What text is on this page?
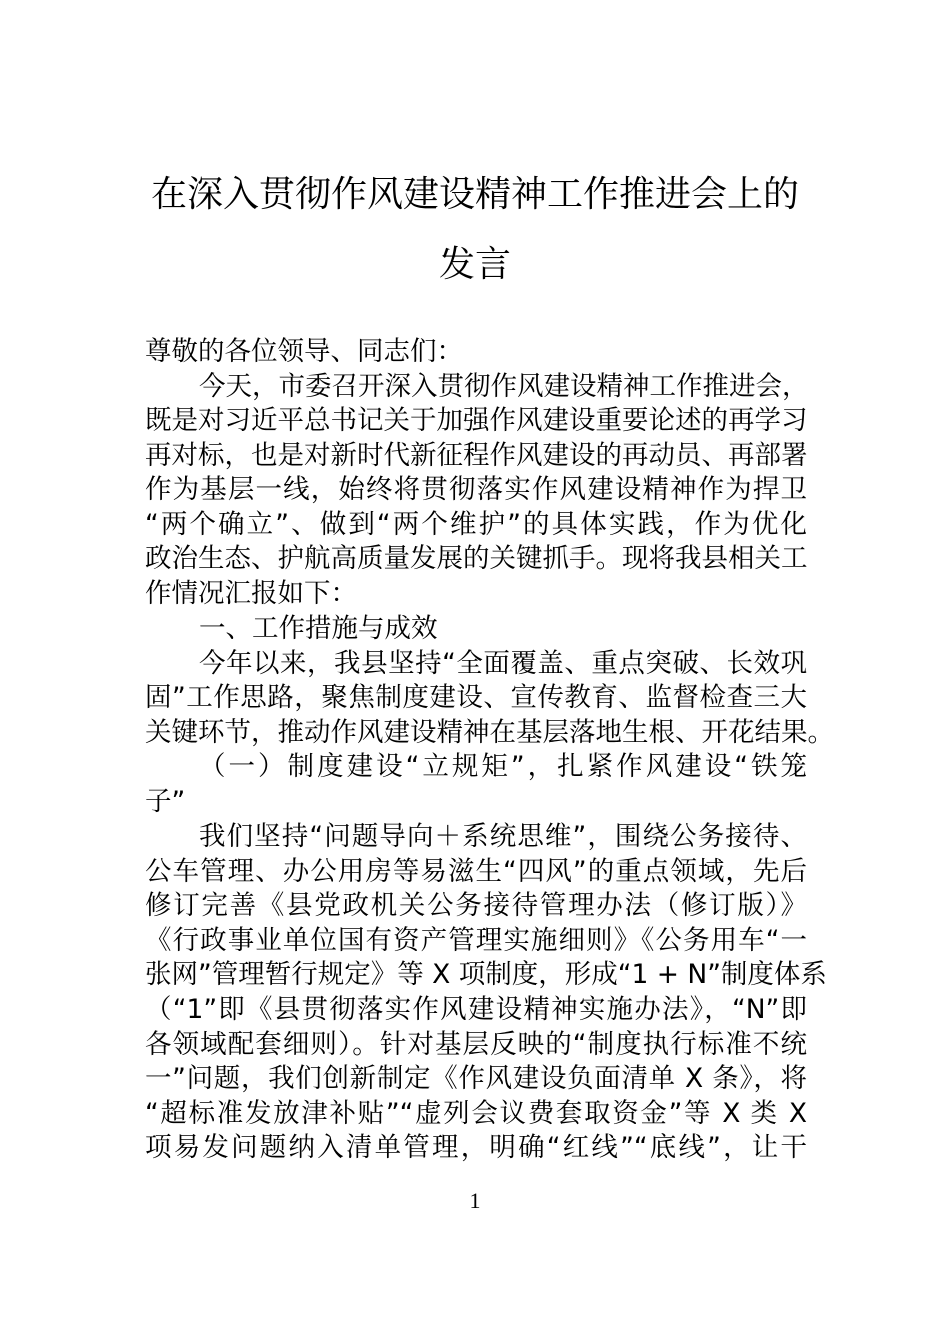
在深入贯彻作风建设精神工作推进会上的
发言
尊敬的各位领导、同志们：
今天，市委召开深入贯彻作风建设精神工作推进会，
既是对习近平总书记关于加强作风建设重要论述的再学习
再对标，也是对新时代新征程作风建设的再动员、再部署
作为基层一线，始终将贯彻落实作风建设精神作为捍卫
“两个确立”、做到“两个维护”的具体实践，作为优化
政治生态、护航高质量发展的关键抓手。现将我县相关工
作情况汇报如下：
一、工作措施与成效
今年以来，我县坚持“全面覆盖、重点突破、长效巩
固”工作思路，聚焦制度建设、宣传教育、监督检查三大
关键环节，推动作风建设精神在基层落地生根、开花结果。
（一）制度建设“立规矩”，扎紧作风建设“铁笼
子”
我们坚持“问题导向＋系统思维”，围绕公务接待、
公车管理、办公用房等易滋生“四风”的重点领域，先后
修订完善《县党政机关公务接待管理办法（修订版）》
《行政事业单位国有资产管理实施细则》《公务用车“一
张网”管理暂行规定》等 X 项制度，形成“1 + N”制度体系
（“1”即《县贯彻落实作风建设精神实施办法》，“N”即
各领域配套细则）。针对基层反映的“制度执行标准不统
一”问题，我们创新制定《作风建设负面清单 X 条》，将
“超标准发放津补贴”“虚列会议费套取资金”等 X 类 X
项易发问题纳入清单管理，明确“红线”“底线”，让干
1
